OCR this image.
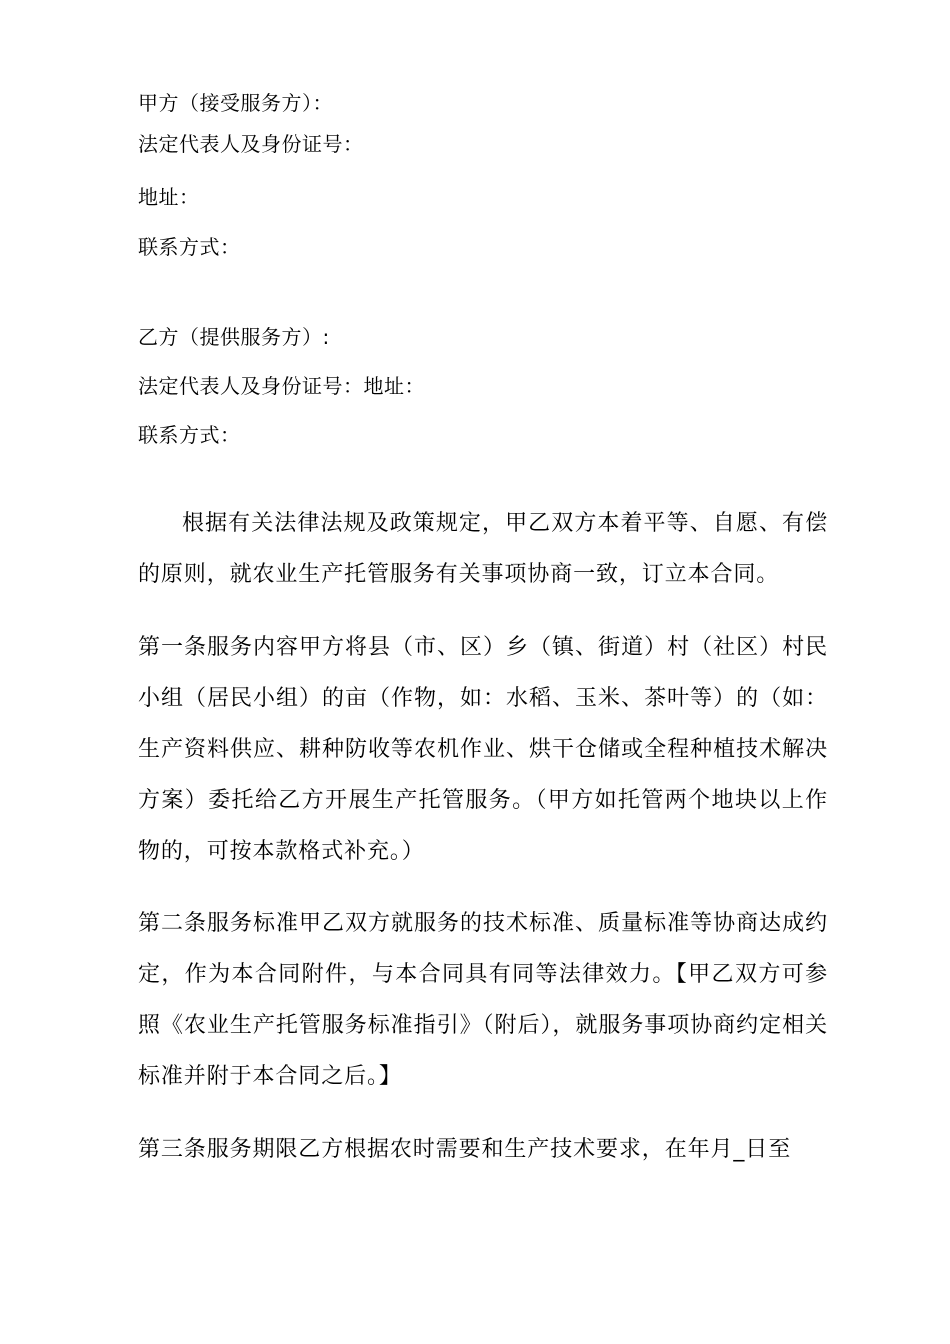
甲方（接受服务方）：
法定代表人及身份证号：
地址：
联系方式：
乙方（提供服务方）:
法定代表人及身份证号：地址：
联系方式：

根据有关法律法规及政策规定，甲乙双方本着平等、自愿、有偿的原则，就农业生产托管服务有关事项协商一致，订立本合同。

第一条服务内容甲方将县（市、区）乡（镇、街道）村（社区）村民小组（居民小组）的亩（作物，如：水稻、玉米、茶叶等）的（如：生产资料供应、耕种防收等农机作业、烘干仓储或全程种植技术解决方案）委托给乙方开展生产托管服务。（甲方如托管两个地块以上作物的，可按本款格式补充。）

第二条服务标准甲乙双方就服务的技术标准、质量标准等协商达成约定，作为本合同附件，与本合同具有同等法律效力。【甲乙双方可参照《农业生产托管服务标准指引》（附后），就服务事项协商约定相关标准并附于本合同之后。】

第三条服务期限乙方根据农时需要和生产技术要求，在年月_日至
